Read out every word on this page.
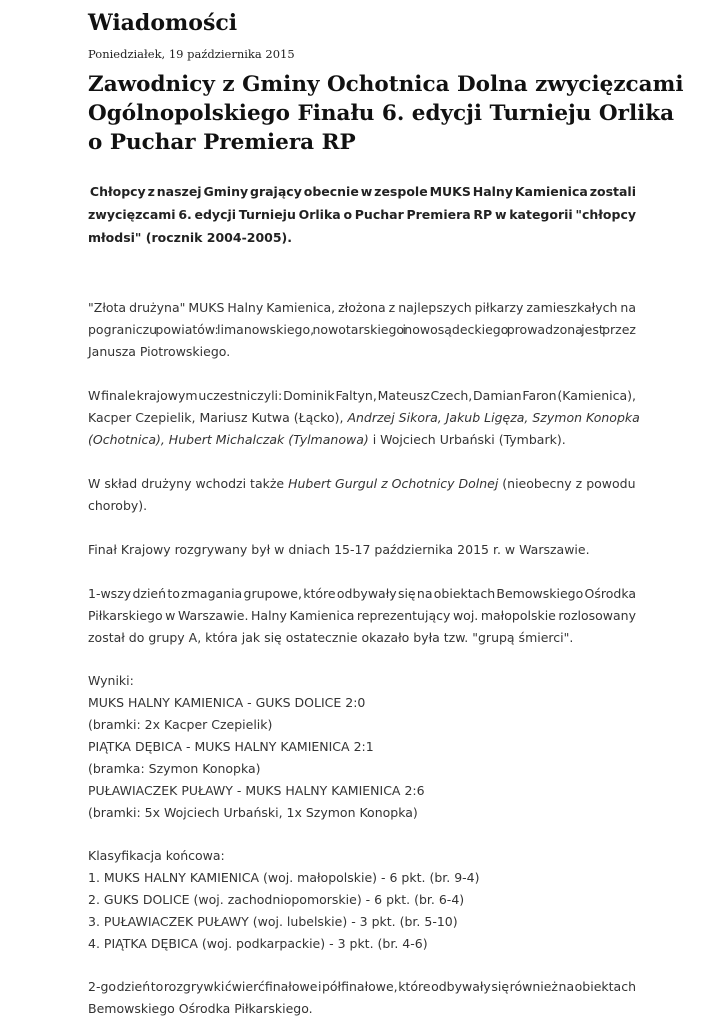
Wiadomości
Poniedziałek, 19 października 2015
Zawodnicy z Gminy Ochotnica Dolna zwycięzcami
Ogólnopolskiego Finału 6. edycji Turnieju Orlika
o Puchar Premiera RP
Chłopcy z naszej Gminy grający obecnie w zespole MUKS Halny Kamienica zostali
zwycięzcami 6. edycji Turnieju Orlika o Puchar Premiera RP w kategorii "chłopcy
młodsi" (rocznik 2004-2005).
"Złota drużyna" MUKS Halny Kamienica, złożona z najlepszych piłkarzy zamieszkałych na
pograniczu powiatów: limanowskiego, nowotarskiego i nowosądeckiego prowadzona jest przez
Janusza Piotrowskiego.
W finale krajowym uczestniczyli: Dominik Faltyn, Mateusz Czech, Damian Faron (Kamienica),
Kacper Czepielik, Mariusz Kutwa (Łącko), Andrzej Sikora, Jakub Ligęza, Szymon Konopka
(Ochotnica), Hubert Michalczak (Tylmanowa) i Wojciech Urbański (Tymbark).
W skład drużyny wchodzi także Hubert Gurgul z Ochotnicy Dolnej (nieobecny z powodu
choroby).
Finał Krajowy rozgrywany był w dniach 15-17 października 2015 r. w Warszawie.
1-wszy dzień to zmagania grupowe, które odbywały się na obiektach Bemowskiego Ośrodka
Piłkarskiego w Warszawie. Halny Kamienica reprezentujący woj. małopolskie rozlosowany
został do grupy A, która jak się ostatecznie okazało była tzw. "grupą śmierci".
Wyniki:
MUKS HALNY KAMIENICA - GUKS DOLICE 2:0
(bramki: 2x Kacper Czepielik)
PIĄTKA DĘBICA - MUKS HALNY KAMIENICA 2:1
(bramka: Szymon Konopka)
PUŁAWIACZEK PUŁAWY - MUKS HALNY KAMIENICA 2:6
(bramki: 5x Wojciech Urbański, 1x Szymon Konopka)
Klasyfikacja końcowa:
1. MUKS HALNY KAMIENICA (woj. małopolskie) - 6 pkt. (br. 9-4)
2. GUKS DOLICE (woj. zachodniopomorskie) - 6 pkt. (br. 6-4)
3. PUŁAWIACZEK PUŁAWY (woj. lubelskie) - 3 pkt. (br. 5-10)
4. PIĄTKA DĘBICA (woj. podkarpackie) - 3 pkt. (br. 4-6)
2-go dzień to rozgrywki ćwierćfinałowe i półfinałowe, które odbywały się również na obiektach
Bemowskiego Ośrodka Piłkarskiego.
